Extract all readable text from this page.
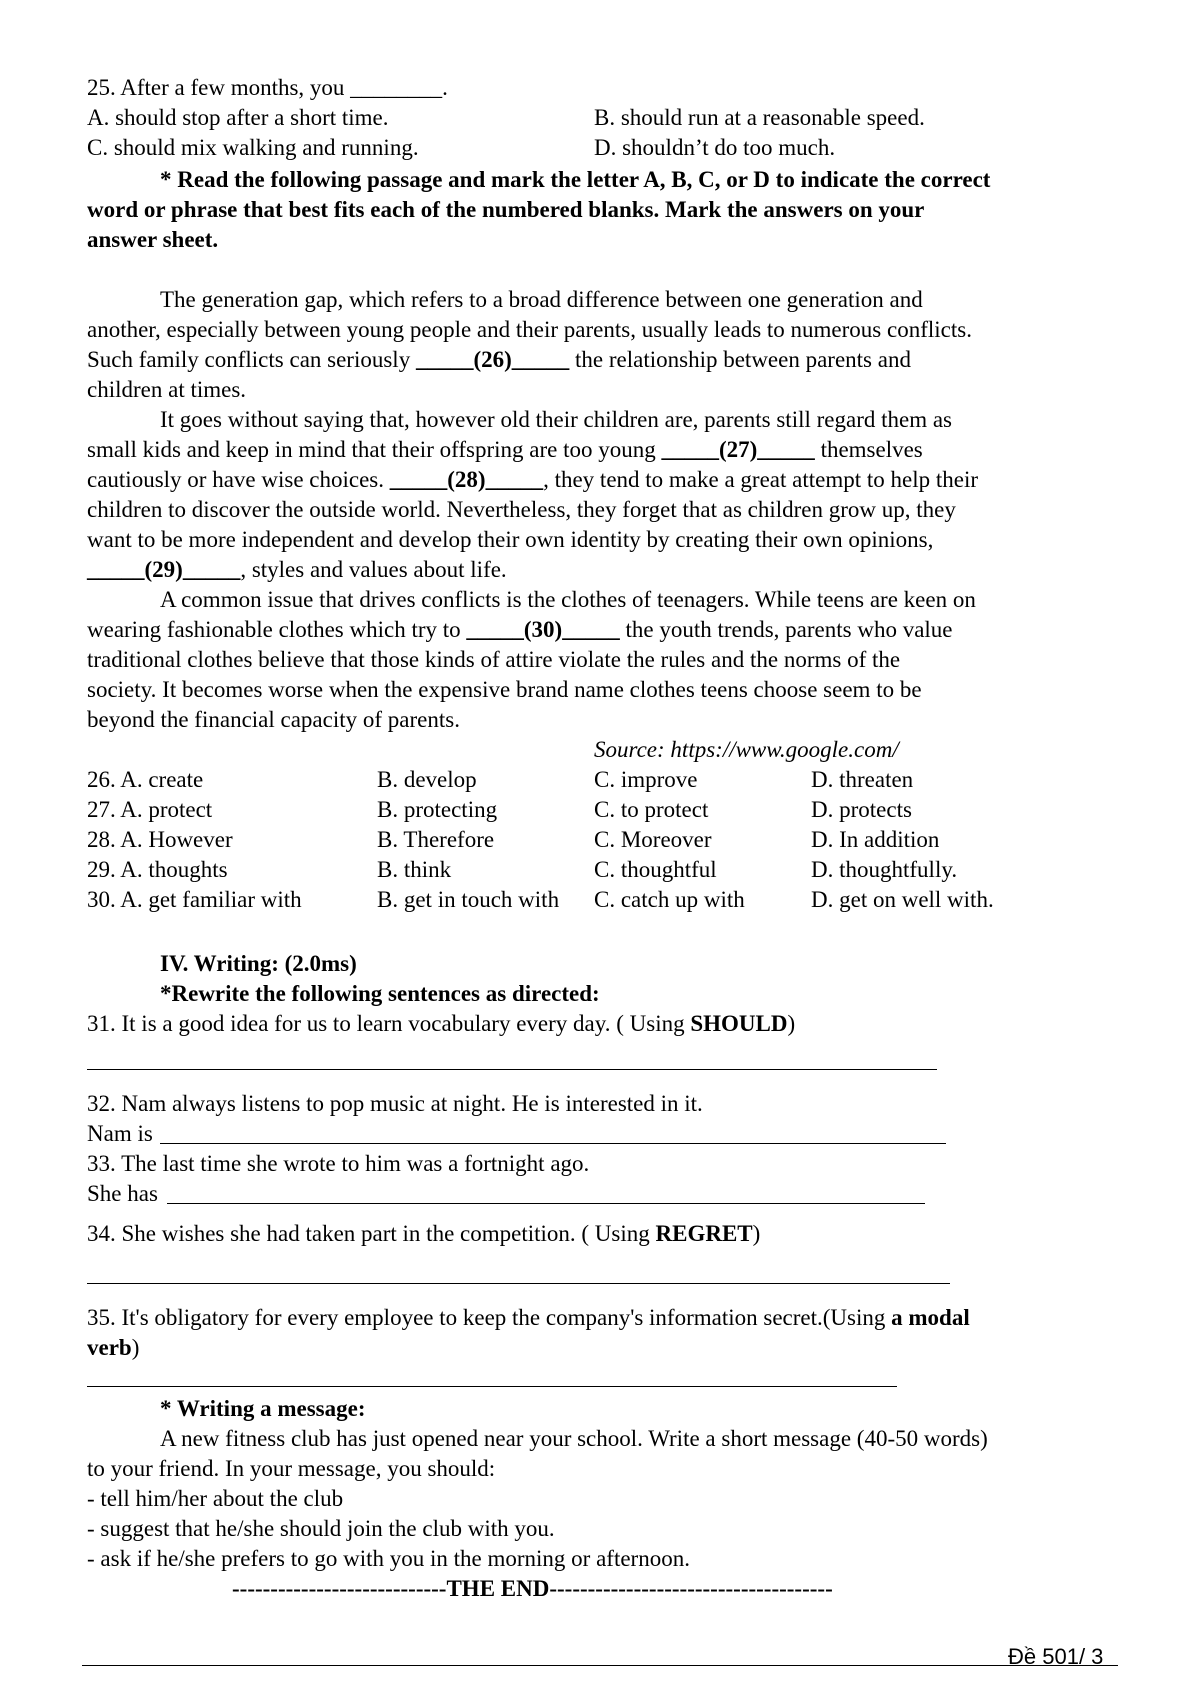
25. After a few months, you ________.
A. should stop after a short time.	B. should run at a reasonable speed.
C. should mix walking and running.	D. shouldn’t do too much.
* Read the following passage and mark the letter A, B, C, or D to indicate the correct
word or phrase that best fits each of the numbered blanks. Mark the answers on your
answer sheet.
The generation gap, which refers to a broad difference between one generation and
another, especially between young people and their parents, usually leads to numerous conflicts.
Such family conflicts can seriously _____(26)_____ the relationship between parents and
children at times.
It goes without saying that, however old their children are, parents still regard them as
small kids and keep in mind that their offspring are too young _____(27)_____ themselves
cautiously or have wise choices. _____(28)_____, they tend to make a great attempt to help their
children to discover the outside world. Nevertheless, they forget that as children grow up, they
want to be more independent and develop their own identity by creating their own opinions,
_____(29)_____, styles and values about life.
A common issue that drives conflicts is the clothes of teenagers. While teens are keen on
wearing fashionable clothes which try to _____(30)_____ the youth trends, parents who value
traditional clothes believe that those kinds of attire violate the rules and the norms of the
society. It becomes worse when the expensive brand name clothes teens choose seem to be
beyond the financial capacity of parents.
Source: https://www.google.com/
26. A. create	B. develop	C. improve	D. threaten
27. A. protect	B. protecting	C. to protect	D. protects
28. A. However	B. Therefore	C. Moreover	D. In addition
29. A. thoughts	B. think	C. thoughtful	D. thoughtfully.
30. A. get familiar with	B. get in touch with C. catch up with	D. get on well with.
IV. Writing: (2.0ms)
*Rewrite the following sentences as directed:
31. It is a good idea for us to learn vocabulary every day. ( Using SHOULD)
32. Nam always listens to pop music at night. He is interested in it.
Nam is
33. The last time she wrote to him was a fortnight ago.
She has
34. She wishes she had taken part in the competition. ( Using REGRET)
35. It's obligatory for every employee to keep the company's information secret.(Using a modal
verb)
* Writing a message:
A new fitness club has just opened near your school. Write a short message (40-50 words)
to your friend. In your message, you should:
- tell him/her about the club
- suggest that he/she should join the club with you.
- ask if he/she prefers to go with you in the morning or afternoon.
----------------------------THE END-------------------------------------
Đề 501/ 3
